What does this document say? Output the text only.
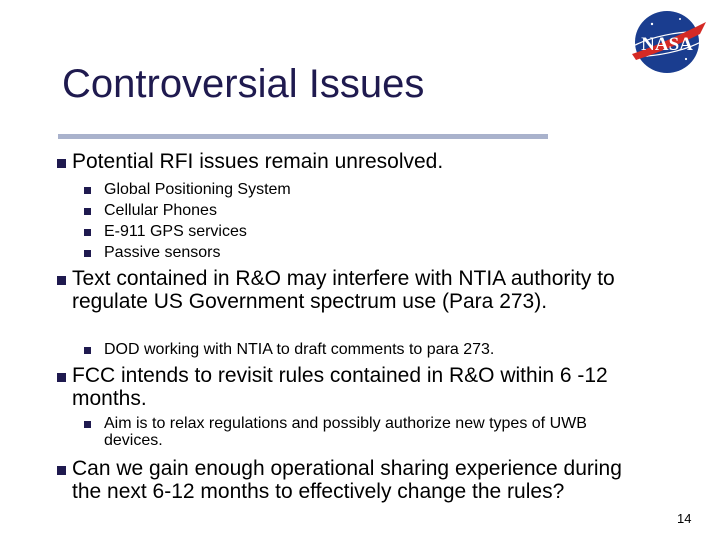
NASA
Controversial Issues
Potential RFI issues remain unresolved.
Global Positioning System
Cellular Phones
E-911 GPS services
Passive sensors
Text contained in R&O may interfere with NTIA authority to regulate US Government spectrum use (Para 273).
DOD working with NTIA to draft comments to para 273.
FCC intends to revisit rules contained in R&O within 6 -12 months.
Aim is to relax regulations and possibly authorize new types of UWB devices.
Can we gain enough operational sharing experience during the next 6-12 months to effectively change the rules?
14
